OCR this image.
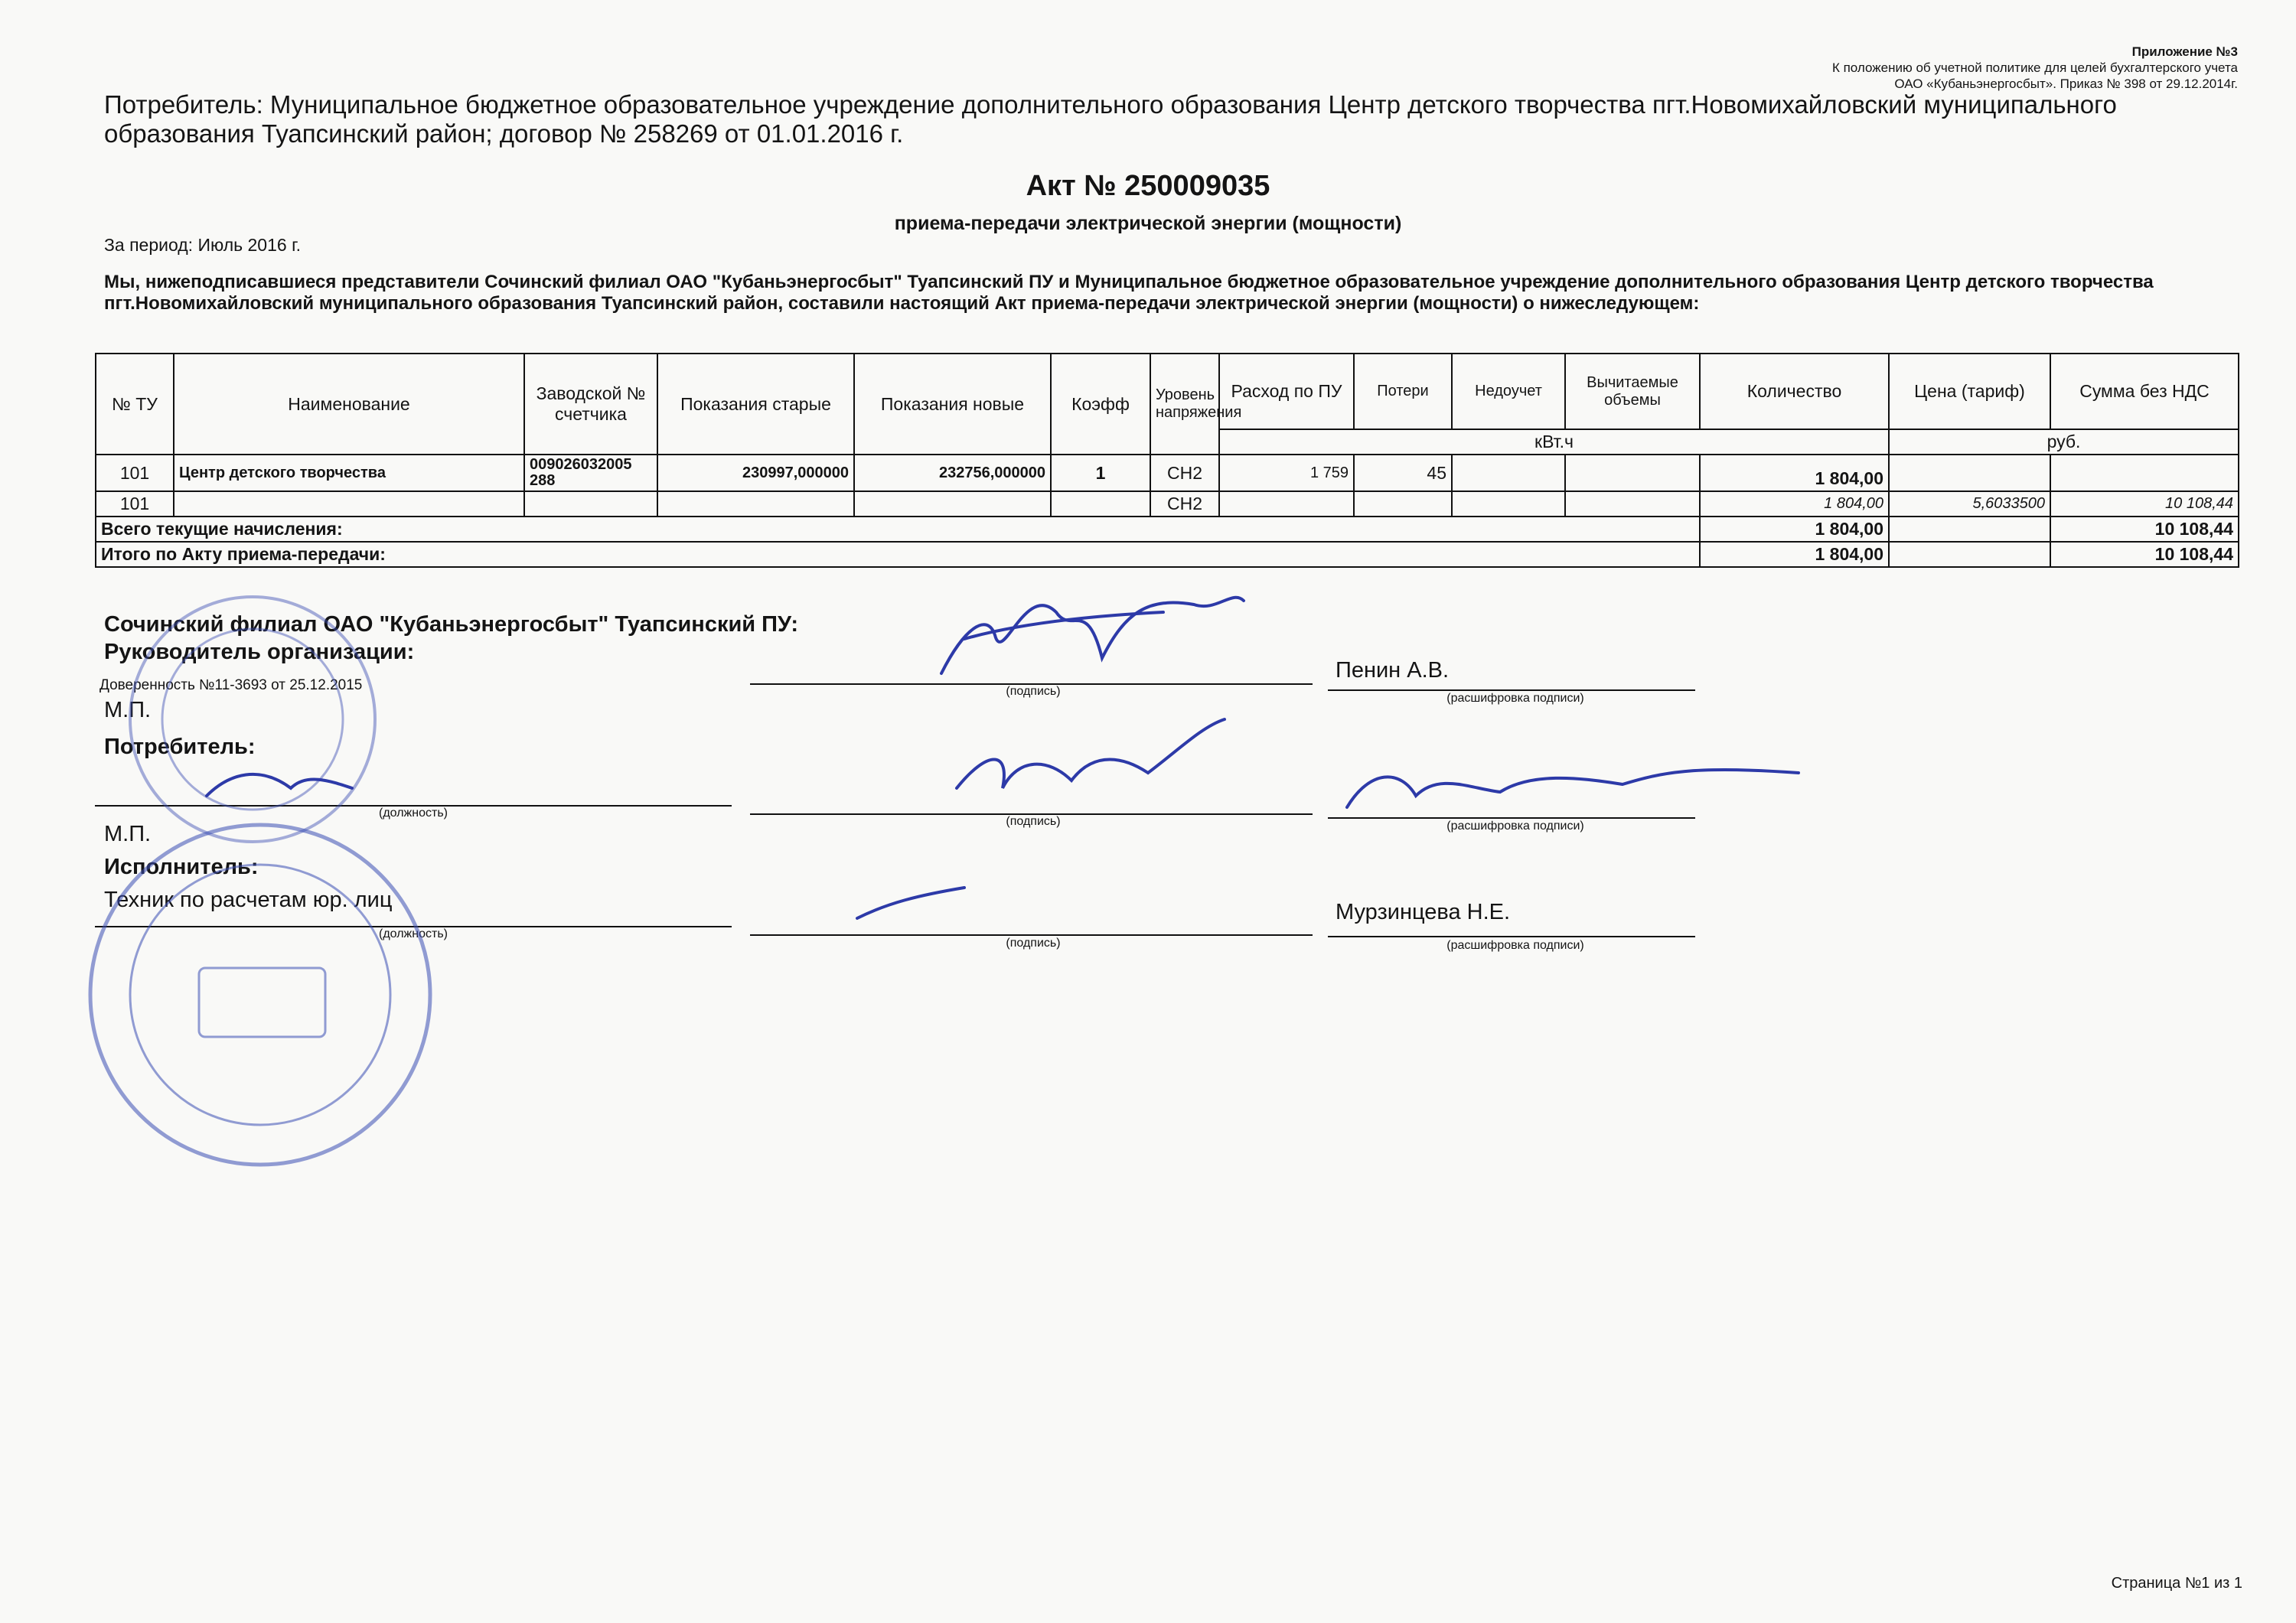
Приложение №3
К положению об учетной политике для целей бухгалтерского учета
ОАО «Кубаньэнергосбыт». Приказ № 398 от 29.12.2014г.
Потребитель: Муниципальное бюджетное образовательное учреждение дополнительного образования Центр детского творчества пгт.Новомихайловский муниципального образования Туапсинский район; договор № 258269 от 01.01.2016 г.
Акт № 250009035
приема-передачи электрической энергии (мощности)
За период: Июль 2016 г.
Мы, нижеподписавшиеся представители Сочинский филиал ОАО "Кубаньэнергосбыт" Туапсинский ПУ и Муниципальное бюджетное образовательное учреждение дополнительного образования Центр детского творчества пгт.Новомихайловский муниципального образования Туапсинский район, составили настоящий Акт приема-передачи электрической энергии (мощности) о нижеследующем:
№ ТУ	Наименование	Заводской № счетчика	Показания старые	Показания новые	Коэфф	Уровень напряжения	Расход по ПУ	Потери	Недоучет	Вычитаемые объемы	Количество	Цена (тариф)	Сумма без НДС
							кВт.ч					руб.	
101	Центр детского творчества	009026032005 288	230997,000000	232756,000000	1	СН2	1 759	45			1 804,00		
101						СН2					1 804,00	5,6033500	10 108,44
Всего текущие начисления:											1 804,00		10 108,44
Итого по Акту приема-передачи:											1 804,00		10 108,44
Сочинский филиал ОАО "Кубаньэнергосбыт" Туапсинский ПУ:
Руководитель организации:
Доверенность №11-3693 от 25.12.2015
М.П.
(подпись)
Пенин А.В.
(расшифровка подписи)
Потребитель:
(должность)
(подпись)	(расшифровка подписи)
М.П.
Исполнитель:
Техник по расчетам юр. лиц
(должность)
(подпись)
Мурзинцева Н.Е.
(расшифровка подписи)
Страница №1 из 1
